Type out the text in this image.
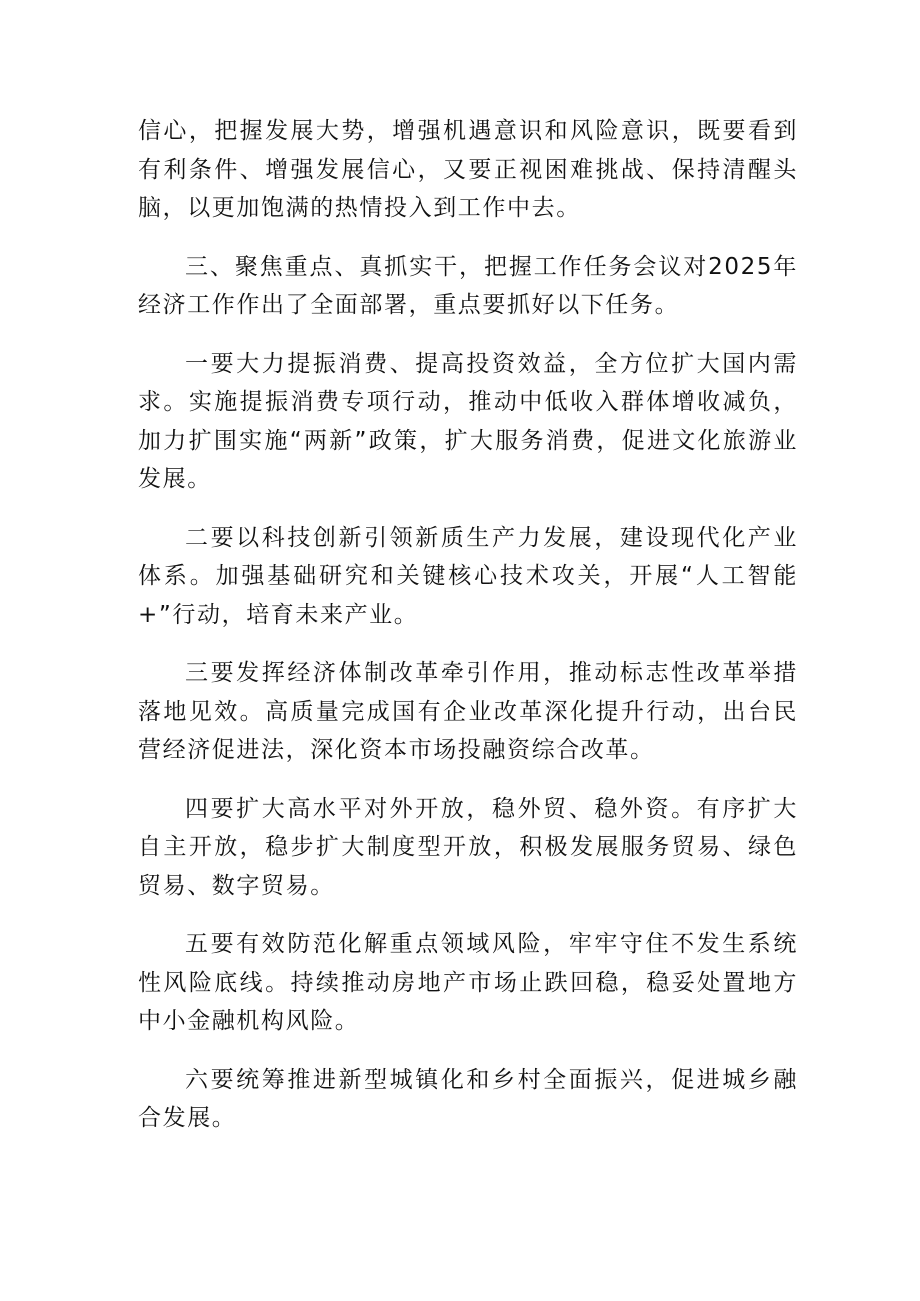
信心，把握发展大势，增强机遇意识和风险意识，既要看到有利条件、增强发展信心，又要正视困难挑战、保持清醒头脑，以更加饱满的热情投入到工作中去。

三、聚焦重点、真抓实干，把握工作任务会议对2025年经济工作作出了全面部署，重点要抓好以下任务。

一要大力提振消费、提高投资效益，全方位扩大国内需求。实施提振消费专项行动，推动中低收入群体增收减负，加力扩围实施“两新”政策，扩大服务消费，促进文化旅游业发展。

二要以科技创新引领新质生产力发展，建设现代化产业体系。加强基础研究和关键核心技术攻关，开展“人工智能+”行动，培育未来产业。

三要发挥经济体制改革牵引作用，推动标志性改革举措落地见效。高质量完成国有企业改革深化提升行动，出台民营经济促进法，深化资本市场投融资综合改革。

四要扩大高水平对外开放，稳外贸、稳外资。有序扩大自主开放，稳步扩大制度型开放，积极发展服务贸易、绿色贸易、数字贸易。

五要有效防范化解重点领域风险，牢牢守住不发生系统性风险底线。持续推动房地产市场止跌回稳，稳妥处置地方中小金融机构风险。

六要统筹推进新型城镇化和乡村全面振兴，促进城乡融合发展。
